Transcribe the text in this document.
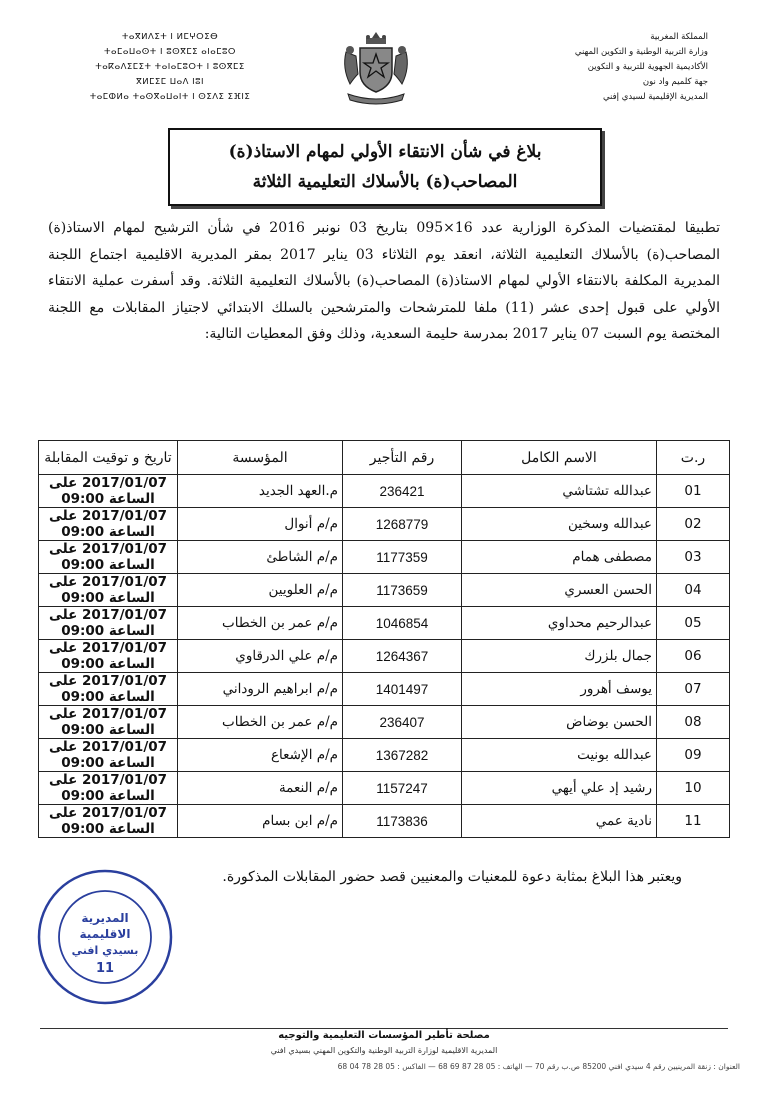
المملكة المغربية
وزارة التربية الوطنية و التكوين المهني
الأكاديمية الجهوية للتربية و التكوين
جهة كلميم واد نون
المديرية الإقليمية لسيدي إفني
ⵜⴰⴳⵍⴷⵉⵜ ⵏ ⵍⵎⵖⵔⵉⴱ
ⵜⴰⵎⴰⵡⴰⵙⵜ ⵏ ⵓⵙⴳⵎⵉ ⴰⵏⴰⵎⵓⵔ
ⵜⴰⴽⴰⴷⵉⵎⵉⵜ ⵜⴰⵏⴰⵎⵓⵔⵜ ⵏ ⵓⵙⴳⵎⵉ
ⴳⵍⵎⵉⵎ ⵡⴰⴷ ⵏⵓⵏ
ⵜⴰⵎⵀⵍⴰ ⵜⴰⵙⴳⴰⵡⴰⵏⵜ ⵏ ⵙⵉⴷⵉ ⵉⴼⵏⵉ
بلاغ في شأن الانتقاء الأولي لمهام الاستاذ(ة)
المصاحب(ة) بالأسلاك التعليمية الثلاثة
تطبيقا لمقتضيات المذكرة الوزارية عدد 16×095 بتاريخ 03 نونبر 2016 في شأن الترشيح لمهام الاستاذ(ة) المصاحب(ة) بالأسلاك التعليمية الثلاثة، انعقد يوم الثلاثاء 03 يناير 2017 بمقر المديرية الاقليمية اجتماع اللجنة المديرية المكلفة بالانتقاء الأولي لمهام الاستاذ(ة) المصاحب(ة) بالأسلاك التعليمية الثلاثة. وقد أسفرت عملية الانتقاء الأولي على قبول إحدى عشر (11) ملفا للمترشحات والمترشحين بالسلك الابتدائي لاجتياز المقابلات مع اللجنة المختصة يوم السبت 07 يناير 2017 بمدرسة حليمة السعدية، وذلك وفق المعطيات التالية:
ر.ت	الاسم الكامل	رقم التأجير	المؤسسة	تاريخ و توقيت المقابلة
01	عبدالله تشتاشي	236421	م.العهد الجديد	2017/01/07 على الساعة 09:00
02	عبدالله وسخين	1268779	م/م أنوال	2017/01/07 على الساعة 09:00
03	مصطفى همام	1177359	م/م الشاطئ	2017/01/07 على الساعة 09:00
04	الحسن العسري	1173659	م/م العلويين	2017/01/07 على الساعة 09:00
05	عبدالرحيم محداوي	1046854	م/م عمر بن الخطاب	2017/01/07 على الساعة 09:00
06	جمال بلزرك	1264367	م/م علي الدرقاوي	2017/01/07 على الساعة 09:00
07	يوسف أهرور	1401497	م/م ابراهيم الروداني	2017/01/07 على الساعة 09:00
08	الحسن بوضاض	236407	م/م عمر بن الخطاب	2017/01/07 على الساعة 09:00
09	عبدالله بونيت	1367282	م/م الإشعاع	2017/01/07 على الساعة 09:00
10	رشيد إد علي أيهي	1157247	م/م النعمة	2017/01/07 على الساعة 09:00
11	نادية عمي	1173836	م/م ابن بسام	2017/01/07 على الساعة 09:00
ويعتبر هذا البلاغ بمثابة دعوة للمعنيات والمعنيين قصد حضور المقابلات المذكورة.
المديرية
الاقليمية
بسيدي افني
11
مصلحة تأطير المؤسسات التعليمية والتوجيه
المديرية الاقليمية لوزارة التربية الوطنية والتكوين المهني بسيدي افني
العنوان : زنقة المرينيين رقم 4 سيدي افني 85200 ص.ب رقم 70 — الهاتف : 05 28 87 69 68 — الفاكس : 05 28 78 04 68
